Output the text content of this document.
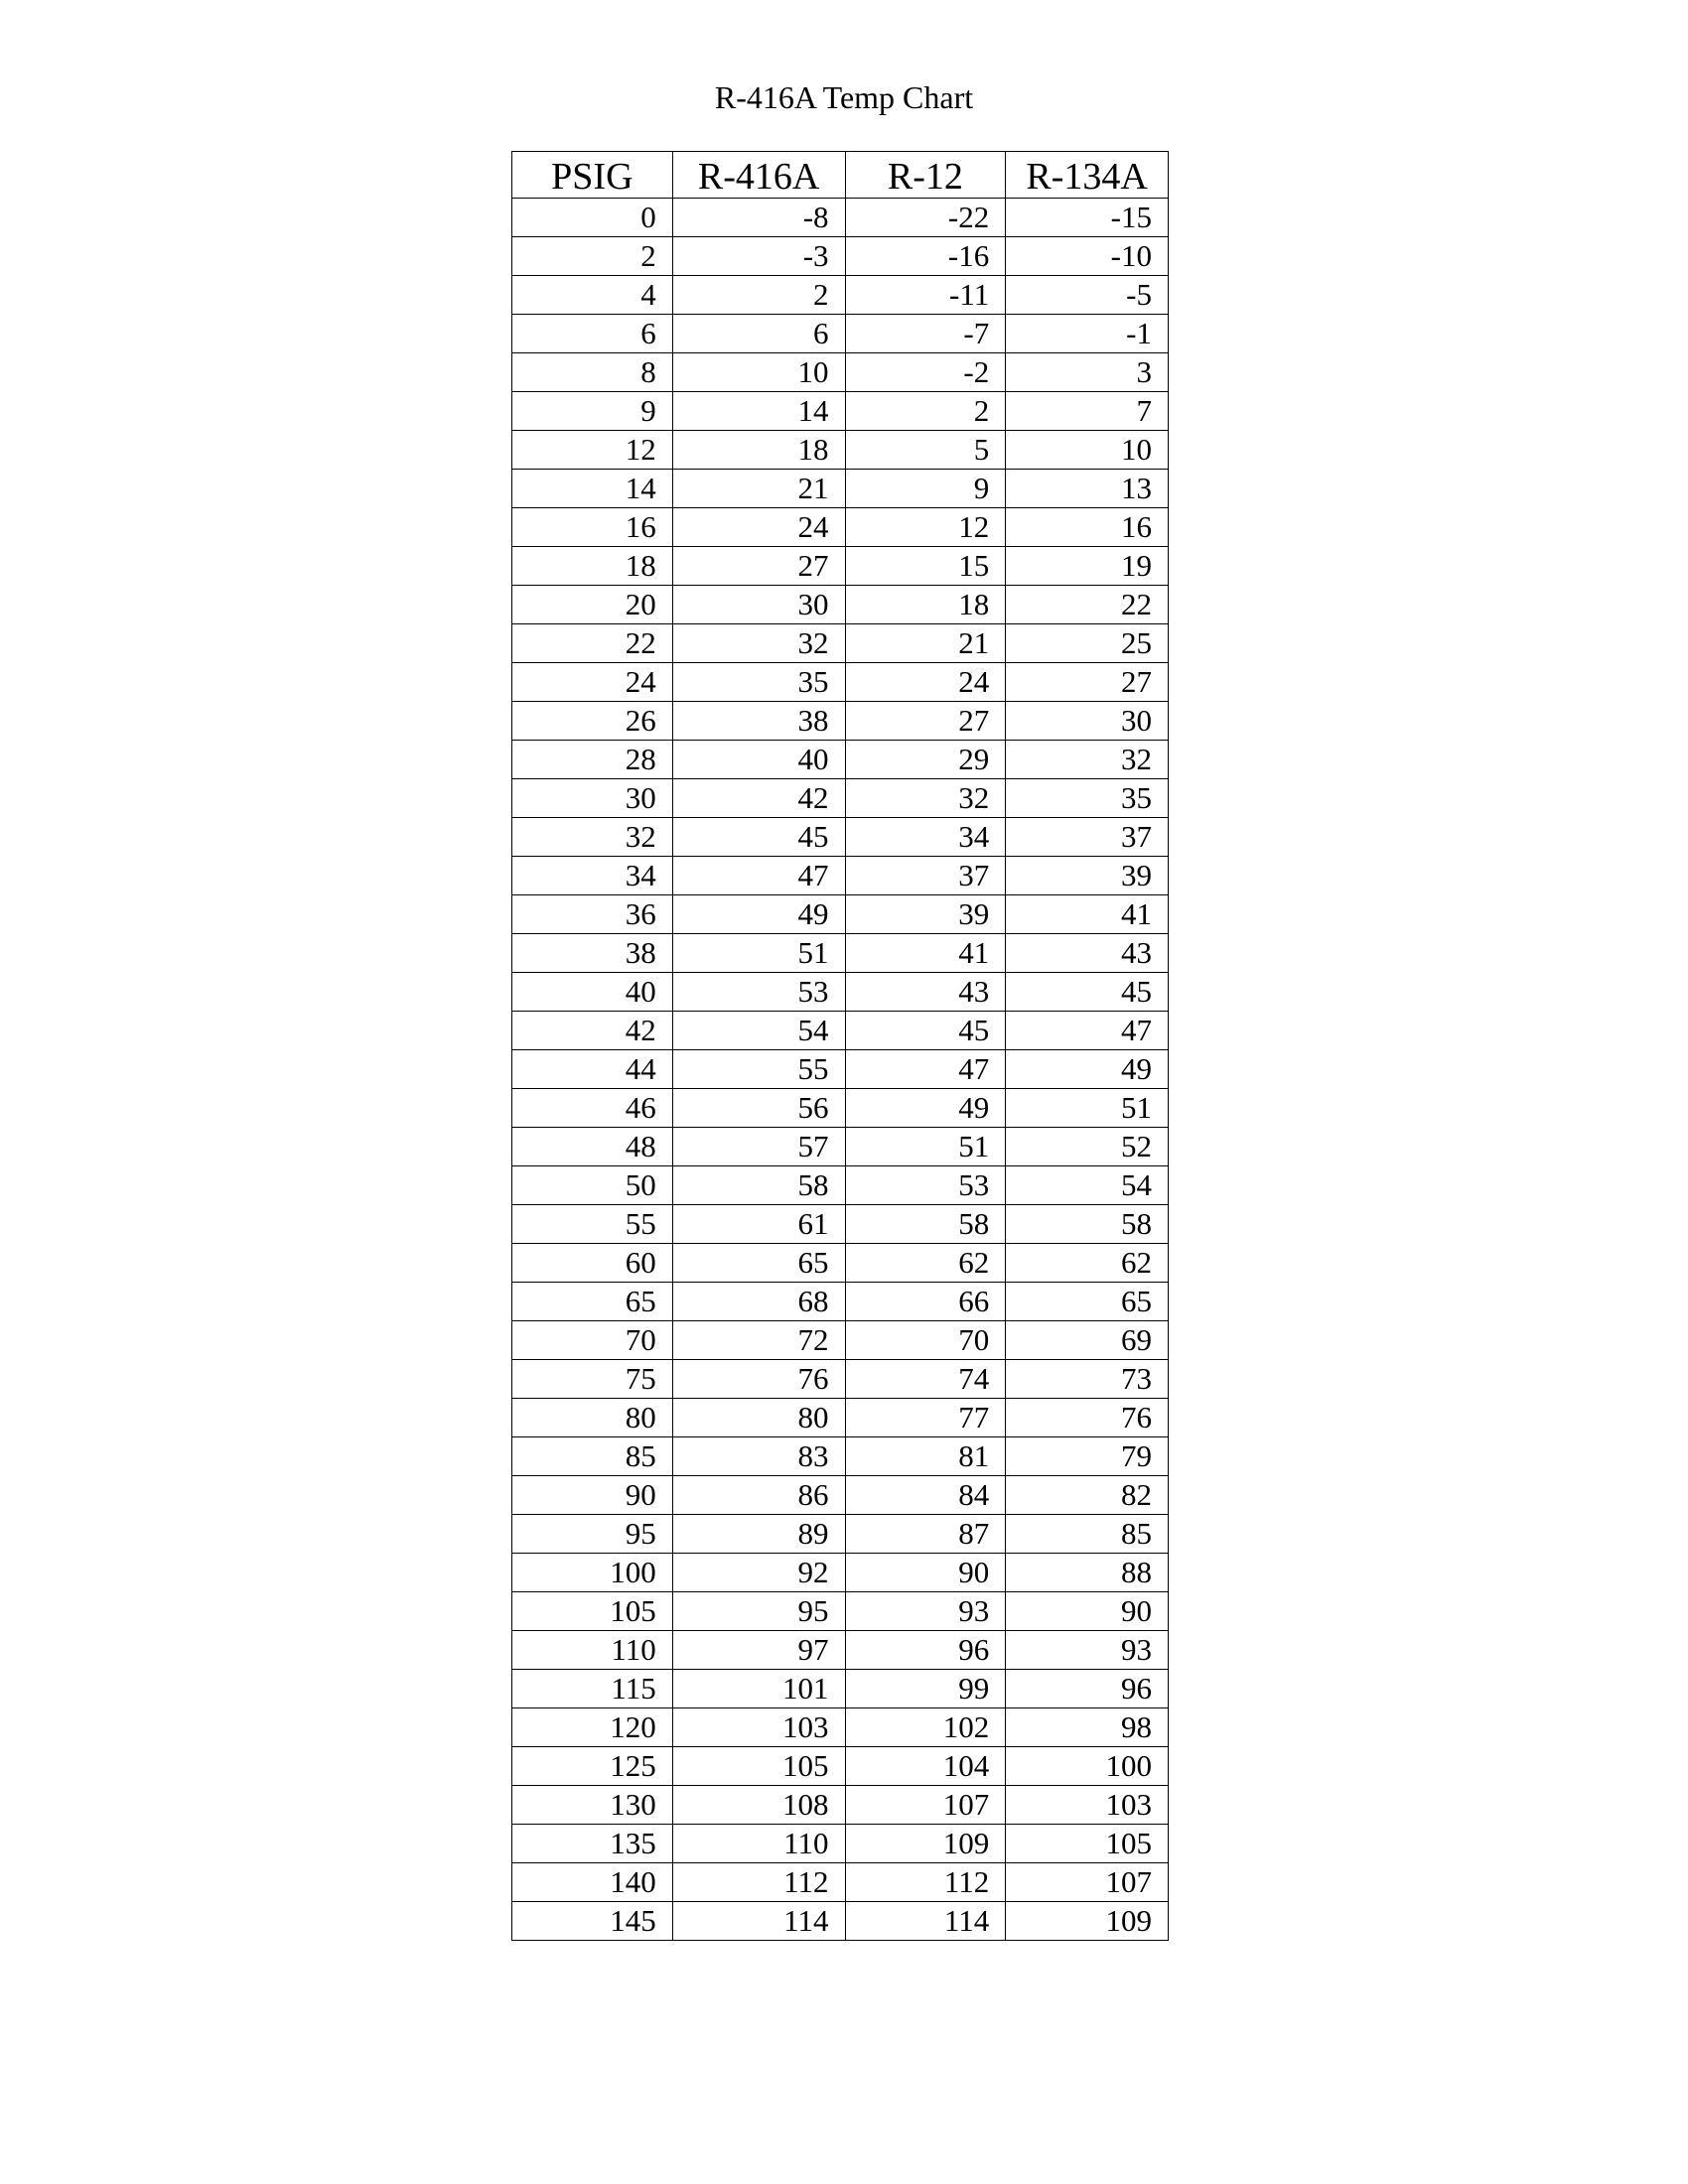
R-416A Temp Chart
PSIG	R-416A	R-12	R-134A
0	-8	-22	-15
2	-3	-16	-10
4	2	-11	-5
6	6	-7	-1
8	10	-2	3
9	14	2	7
12	18	5	10
14	21	9	13
16	24	12	16
18	27	15	19
20	30	18	22
22	32	21	25
24	35	24	27
26	38	27	30
28	40	29	32
30	42	32	35
32	45	34	37
34	47	37	39
36	49	39	41
38	51	41	43
40	53	43	45
42	54	45	47
44	55	47	49
46	56	49	51
48	57	51	52
50	58	53	54
55	61	58	58
60	65	62	62
65	68	66	65
70	72	70	69
75	76	74	73
80	80	77	76
85	83	81	79
90	86	84	82
95	89	87	85
100	92	90	88
105	95	93	90
110	97	96	93
115	101	99	96
120	103	102	98
125	105	104	100
130	108	107	103
135	110	109	105
140	112	112	107
145	114	114	109
